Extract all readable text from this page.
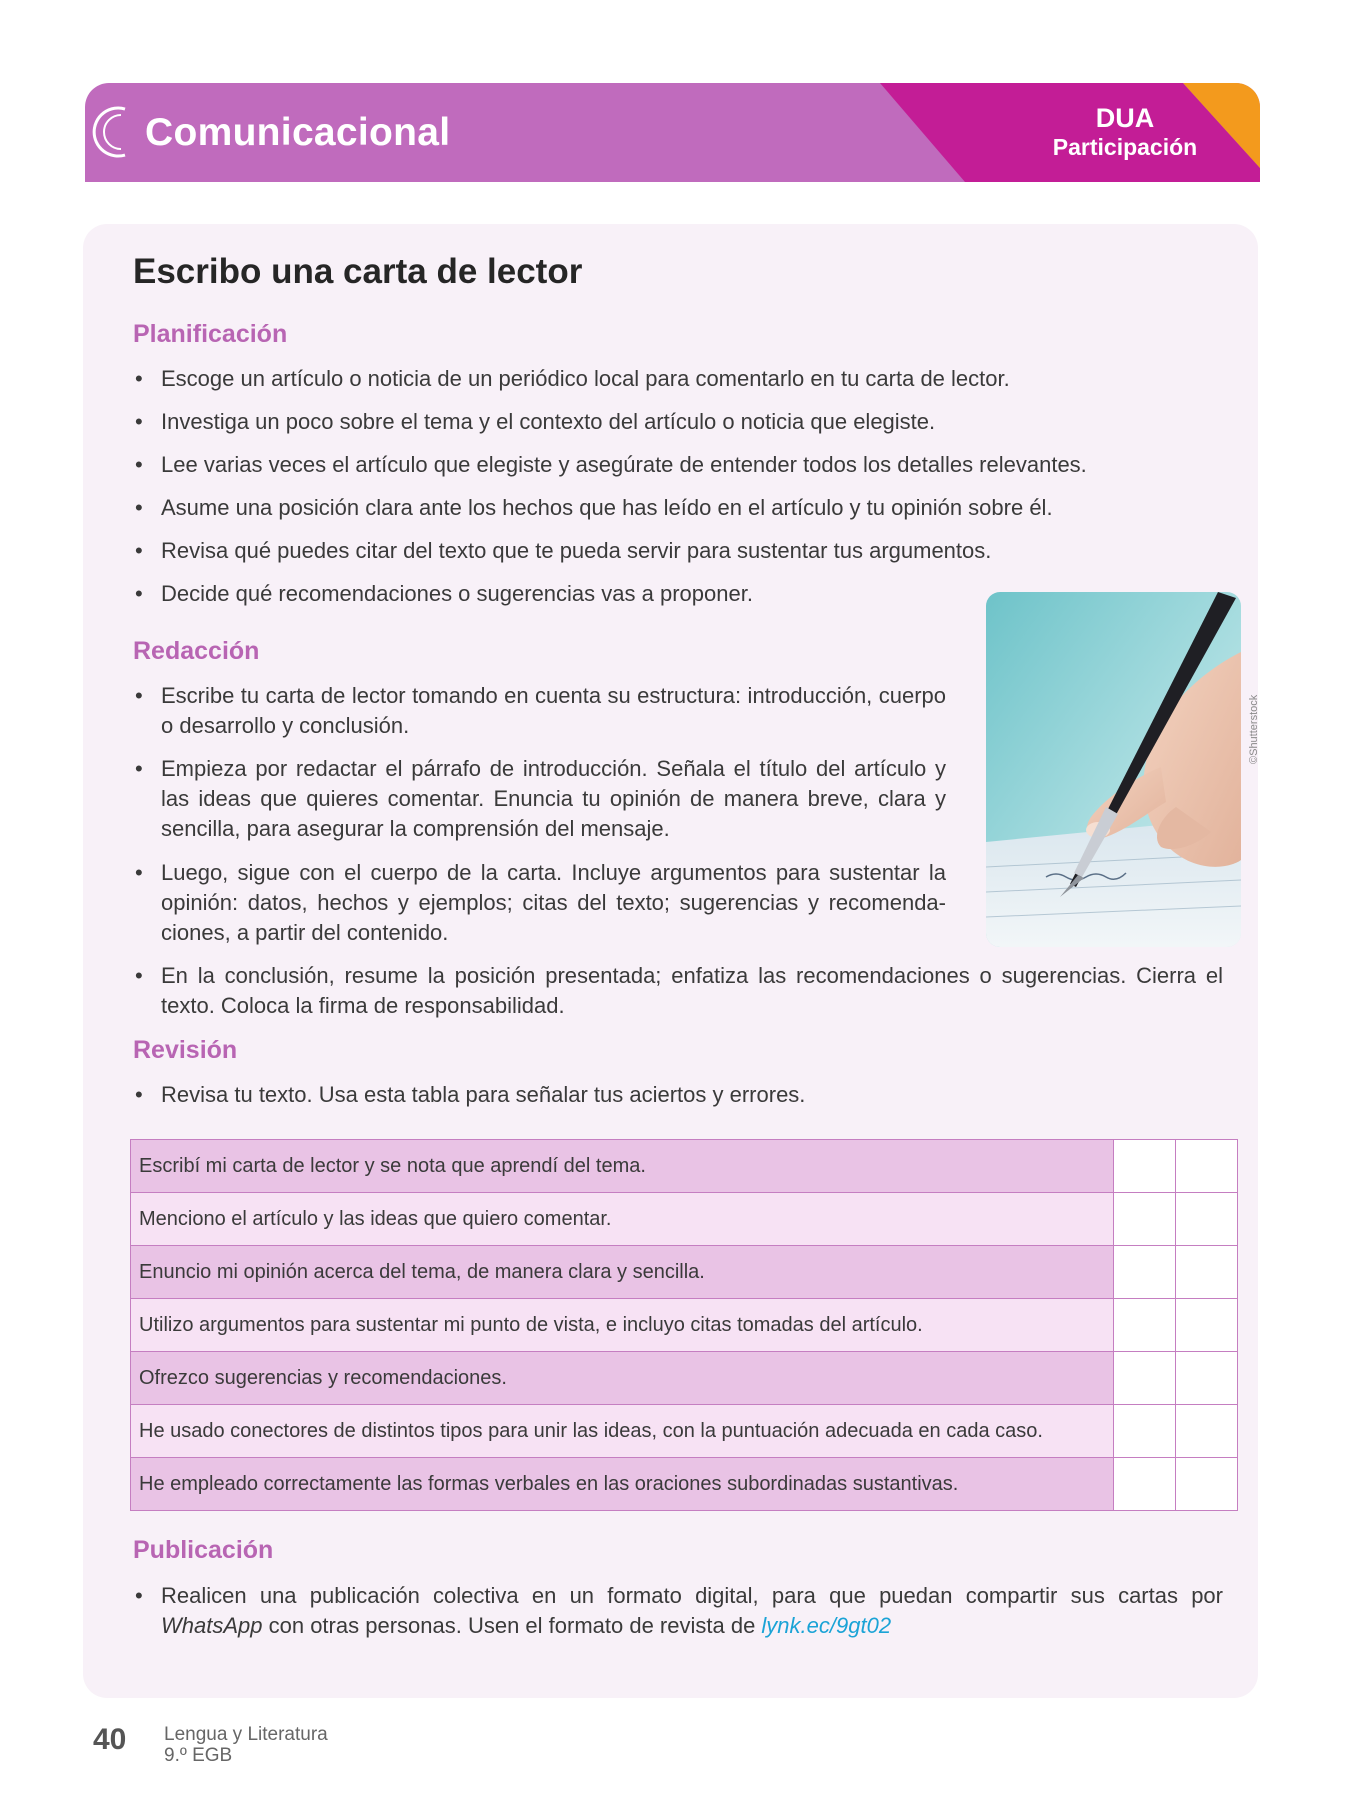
Comunicacional	DUA
Participación
Escribo una carta de lector
Planificación
• Escoge un artículo o noticia de un periódico local para comentarlo en tu carta de lector.
• Investiga un poco sobre el tema y el contexto del artículo o noticia que elegiste.
• Lee varias veces el artículo que elegiste y asegúrate de entender todos los detalles relevantes.
• Asume una posición clara ante los hechos que has leído en el artículo y tu opinión sobre él.
• Revisa qué puedes citar del texto que te pueda servir para sustentar tus argumentos.
• Decide qué recomendaciones o sugerencias vas a proponer.
Redacción
• Escribe tu carta de lector tomando en cuenta su estructura: introducción, cuerpo o desarrollo y conclusión.
• Empieza por redactar el párrafo de introducción. Señala el título del artículo y las ideas que quieres comentar. Enuncia tu opinión de manera breve, clara y sencilla, para asegurar la comprensión del mensaje.
• Luego, sigue con el cuerpo de la carta. Incluye argumentos para sustentar la opinión: datos, hechos y ejemplos; citas del texto; sugerencias y recomendaciones, a partir del contenido.
• En la conclusión, resume la posición presentada; enfatiza las recomendaciones o sugerencias. Cierra el texto. Coloca la firma de responsabilidad.
©Shutterstock
Revisión
• Revisa tu texto. Usa esta tabla para señalar tus aciertos y errores.
Escribí mi carta de lector y se nota que aprendí del tema.		
Menciono el artículo y las ideas que quiero comentar.		
Enuncio mi opinión acerca del tema, de manera clara y sencilla.		
Utilizo argumentos para sustentar mi punto de vista, e incluyo citas tomadas del artículo.		
Ofrezco sugerencias y recomendaciones.		
He usado conectores de distintos tipos para unir las ideas, con la puntuación adecuada en cada caso.		
He empleado correctamente las formas verbales en las oraciones subordinadas sustantivas.		
Publicación
• Realicen una publicación colectiva en un formato digital, para que puedan compartir sus cartas por WhatsApp con otras personas. Usen el formato de revista de lynk.ec/9gt02
40 Lengua y Literatura
9.º EGB
